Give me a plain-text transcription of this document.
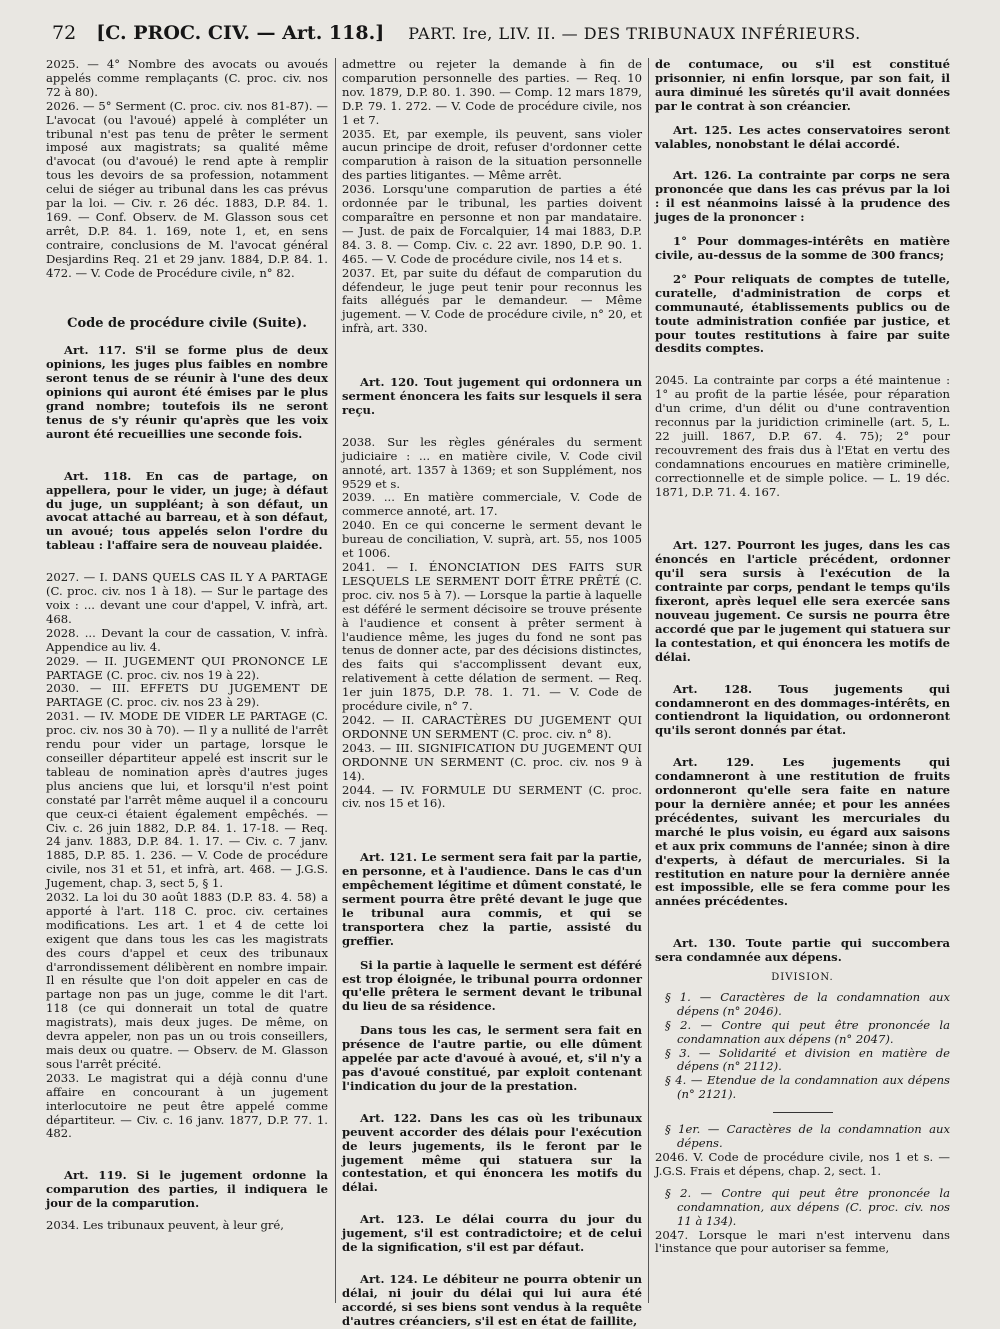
72 [C. PROC. CIV. — Art. 118.] PART. Ire, LIV. II. — DES TRIBUNAUX INFÉRIEURS.

2025. — 4° Nombre des avocats ou avoués appelés comme remplaçants (C. proc. civ. nos 72 à 80).

2026. — 5° Serment (C. proc. civ. nos 81-87). — L'avocat (ou l'avoué) appelé à compléter un tribunal n'est pas tenu de prêter le serment imposé aux magistrats; sa qualité même d'avocat (ou d'avoué) le rend apte à remplir tous les devoirs de sa profession, notamment celui de siéger au tribunal dans les cas prévus par la loi. — Civ. r. 26 déc. 1883, D.P. 84. 1. 169. — Conf. Observ. de M. Glasson sous cet arrêt, D.P. 84. 1. 169, note 1, et, en sens contraire, conclusions de M. l'avocat général Desjardins Req. 21 et 29 janv. 1884, D.P. 84. 1. 472. — V. Code de Procédure civile, n° 82.

Code de procédure civile (Suite).

Art. 117. S'il se forme plus de deux opinions, les juges plus faibles en nombre seront tenus de se réunir à l'une des deux opinions qui auront été émises par le plus grand nombre; toutefois ils ne seront tenus de s'y réunir qu'après que les voix auront été recueillies une seconde fois.

Art. 118. En cas de partage, on appellera, pour le vider, un juge; à défaut du juge, un suppléant; à son défaut, un avocat attaché au barreau, et à son défaut, un avoué; tous appelés selon l'ordre du tableau : l'affaire sera de nouveau plaidée.

2027. — I. DANS QUELS CAS IL Y A PARTAGE (C. proc. civ. nos 1 à 18). — Sur le partage des voix : ... devant une cour d'appel, V. infrà, art. 468.

2028. ... Devant la cour de cassation, V. infrà. Appendice au liv. 4.

2029. — II. JUGEMENT QUI PRONONCE LE PARTAGE (C. proc. civ. nos 19 à 22).

2030. — III. EFFETS DU JUGEMENT DE PARTAGE (C. proc. civ. nos 23 à 29).

2031. — IV. MODE DE VIDER LE PARTAGE (C. proc. civ. nos 30 à 70). — Il y a nullité de l'arrêt rendu pour vider un partage, lorsque le conseiller départiteur appelé est inscrit sur le tableau de nomination après d'autres juges plus anciens que lui, et lorsqu'il n'est point constaté par l'arrêt même auquel il a concouru que ceux-ci étaient également empêchés. — Civ. c. 26 juin 1882, D.P. 84. 1. 17-18. — Req. 24 janv. 1883, D.P. 84. 1. 17. — Civ. c. 7 janv. 1885, D.P. 85. 1. 236. — V. Code de procédure civile, nos 31 et 51, et infrà, art. 468. — J.G.S. Jugement, chap. 3, sect 5, § 1.

2032. La loi du 30 août 1883 (D.P. 83. 4. 58) a apporté à l'art. 118 C. proc. civ. certaines modifications. Les art. 1 et 4 de cette loi exigent que dans tous les cas les magistrats des cours d'appel et ceux des tribunaux d'arrondissement délibèrent en nombre impair. Il en résulte que l'on doit appeler en cas de partage non pas un juge, comme le dit l'art. 118 (ce qui donnerait un total de quatre magistrats), mais deux juges. De même, on devra appeler, non pas un ou trois conseillers, mais deux ou quatre. — Observ. de M. Glasson sous l'arrêt précité.

2033. Le magistrat qui a déjà connu d'une affaire en concourant à un jugement interlocutoire ne peut être appelé comme départiteur. — Civ. c. 16 janv. 1877, D.P. 77. 1. 482.

Art. 119. Si le jugement ordonne la comparution des parties, il indiquera le jour de la comparution.

2034. Les tribunaux peuvent, à leur gré,

admettre ou rejeter la demande à fin de comparution personnelle des parties. — Req. 10 nov. 1879, D.P. 80. 1. 390. — Comp. 12 mars 1879, D.P. 79. 1. 272. — V. Code de procédure civile, nos 1 et 7.

2035. Et, par exemple, ils peuvent, sans violer aucun principe de droit, refuser d'ordonner cette comparution à raison de la situation personnelle des parties litigantes. — Même arrêt.

2036. Lorsqu'une comparution de parties a été ordonnée par le tribunal, les parties doivent comparaître en personne et non par mandataire. — Just. de paix de Forcalquier, 14 mai 1883, D.P. 84. 3. 8. — Comp. Civ. c. 22 avr. 1890, D.P. 90. 1. 465. — V. Code de procédure civile, nos 14 et s.

2037. Et, par suite du défaut de comparution du défendeur, le juge peut tenir pour reconnus les faits allégués par le demandeur. — Même jugement. — V. Code de procédure civile, n° 20, et infrà, art. 330.

Art. 120. Tout jugement qui ordonnera un serment énoncera les faits sur lesquels il sera reçu.

2038. Sur les règles générales du serment judiciaire : ... en matière civile, V. Code civil annoté, art. 1357 à 1369; et son Supplément, nos 9529 et s.

2039. ... En matière commerciale, V. Code de commerce annoté, art. 17.

2040. En ce qui concerne le serment devant le bureau de conciliation, V. suprà, art. 55, nos 1005 et 1006.

2041. — I. ÉNONCIATION DES FAITS SUR LESQUELS LE SERMENT DOIT ÊTRE PRÊTÉ (C. proc. civ. nos 5 à 7). — Lorsque la partie à laquelle est déféré le serment décisoire se trouve présente à l'audience et consent à prêter serment à l'audience même, les juges du fond ne sont pas tenus de donner acte, par des décisions distinctes, des faits qui s'accomplissent devant eux, relativement à cette délation de serment. — Req. 1er juin 1875, D.P. 78. 1. 71. — V. Code de procédure civile, n° 7.

2042. — II. CARACTÈRES DU JUGEMENT QUI ORDONNE UN SERMENT (C. proc. civ. n° 8).

2043. — III. SIGNIFICATION DU JUGEMENT QUI ORDONNE UN SERMENT (C. proc. civ. nos 9 à 14).

2044. — IV. FORMULE DU SERMENT (C. proc. civ. nos 15 et 16).

Art. 121. Le serment sera fait par la partie, en personne, et à l'audience. Dans le cas d'un empêchement légitime et dûment constaté, le serment pourra être prêté devant le juge que le tribunal aura commis, et qui se transportera chez la partie, assisté du greffier.

Si la partie à laquelle le serment est déféré est trop éloignée, le tribunal pourra ordonner qu'elle prêtera le serment devant le tribunal du lieu de sa résidence.

Dans tous les cas, le serment sera fait en présence de l'autre partie, ou elle dûment appelée par acte d'avoué à avoué, et, s'il n'y a pas d'avoué constitué, par exploit contenant l'indication du jour de la prestation.

Art. 122. Dans les cas où les tribunaux peuvent accorder des délais pour l'exécution de leurs jugements, ils le feront par le jugement même qui statuera sur la contestation, et qui énoncera les motifs du délai.

Art. 123. Le délai courra du jour du jugement, s'il est contradictoire; et de celui de la signification, s'il est par défaut.

Art. 124. Le débiteur ne pourra obtenir un délai, ni jouir du délai qui lui aura été accordé, si ses biens sont vendus à la requête d'autres créanciers, s'il est en état de faillite,

de contumace, ou s'il est constitué prisonnier, ni enfin lorsque, par son fait, il aura diminué les sûretés qu'il avait données par le contrat à son créancier.

Art. 125. Les actes conservatoires seront valables, nonobstant le délai accordé.

Art. 126. La contrainte par corps ne sera prononcée que dans les cas prévus par la loi : il est néanmoins laissé à la prudence des juges de la prononcer :

1° Pour dommages-intérêts en matière civile, au-dessus de la somme de 300 francs;

2° Pour reliquats de comptes de tutelle, curatelle, d'administration de corps et communauté, établissements publics ou de toute administration confiée par justice, et pour toutes restitutions à faire par suite desdits comptes.

2045. La contrainte par corps a été maintenue : 1° au profit de la partie lésée, pour réparation d'un crime, d'un délit ou d'une contravention reconnus par la juridiction criminelle (art. 5, L. 22 juill. 1867, D.P. 67. 4. 75); 2° pour recouvrement des frais dus à l'Etat en vertu des condamnations encourues en matière criminelle, correctionnelle et de simple police. — L. 19 déc. 1871, D.P. 71. 4. 167.

Art. 127. Pourront les juges, dans les cas énoncés en l'article précédent, ordonner qu'il sera sursis à l'exécution de la contrainte par corps, pendant le temps qu'ils fixeront, après lequel elle sera exercée sans nouveau jugement. Ce sursis ne pourra être accordé que par le jugement qui statuera sur la contestation, et qui énoncera les motifs de délai.

Art. 128. Tous jugements qui condamneront en des dommages-intérêts, en contiendront la liquidation, ou ordonneront qu'ils seront donnés par état.

Art. 129. Les jugements qui condamneront à une restitution de fruits ordonneront qu'elle sera faite en nature pour la dernière année; et pour les années précédentes, suivant les mercuriales du marché le plus voisin, eu égard aux saisons et aux prix communs de l'année; sinon à dire d'experts, à défaut de mercuriales. Si la restitution en nature pour la dernière année est impossible, elle se fera comme pour les années précédentes.

Art. 130. Toute partie qui succombera sera condamnée aux dépens.

DIVISION.

§ 1. — Caractères de la condamnation aux dépens (n° 2046).

§ 2. — Contre qui peut être prononcée la condamnation aux dépens (n° 2047).

§ 3. — Solidarité et division en matière de dépens (n° 2112).

§ 4. — Etendue de la condamnation aux dépens (n° 2121).

§ 1er. — Caractères de la condamnation aux dépens.

2046. V. Code de procédure civile, nos 1 et s. — J.G.S. Frais et dépens, chap. 2, sect. 1.

§ 2. — Contre qui peut être prononcée la condamnation, aux dépens (C. proc. civ. nos 11 à 134).

2047. Lorsque le mari n'est intervenu dans l'instance que pour autoriser sa femme,
